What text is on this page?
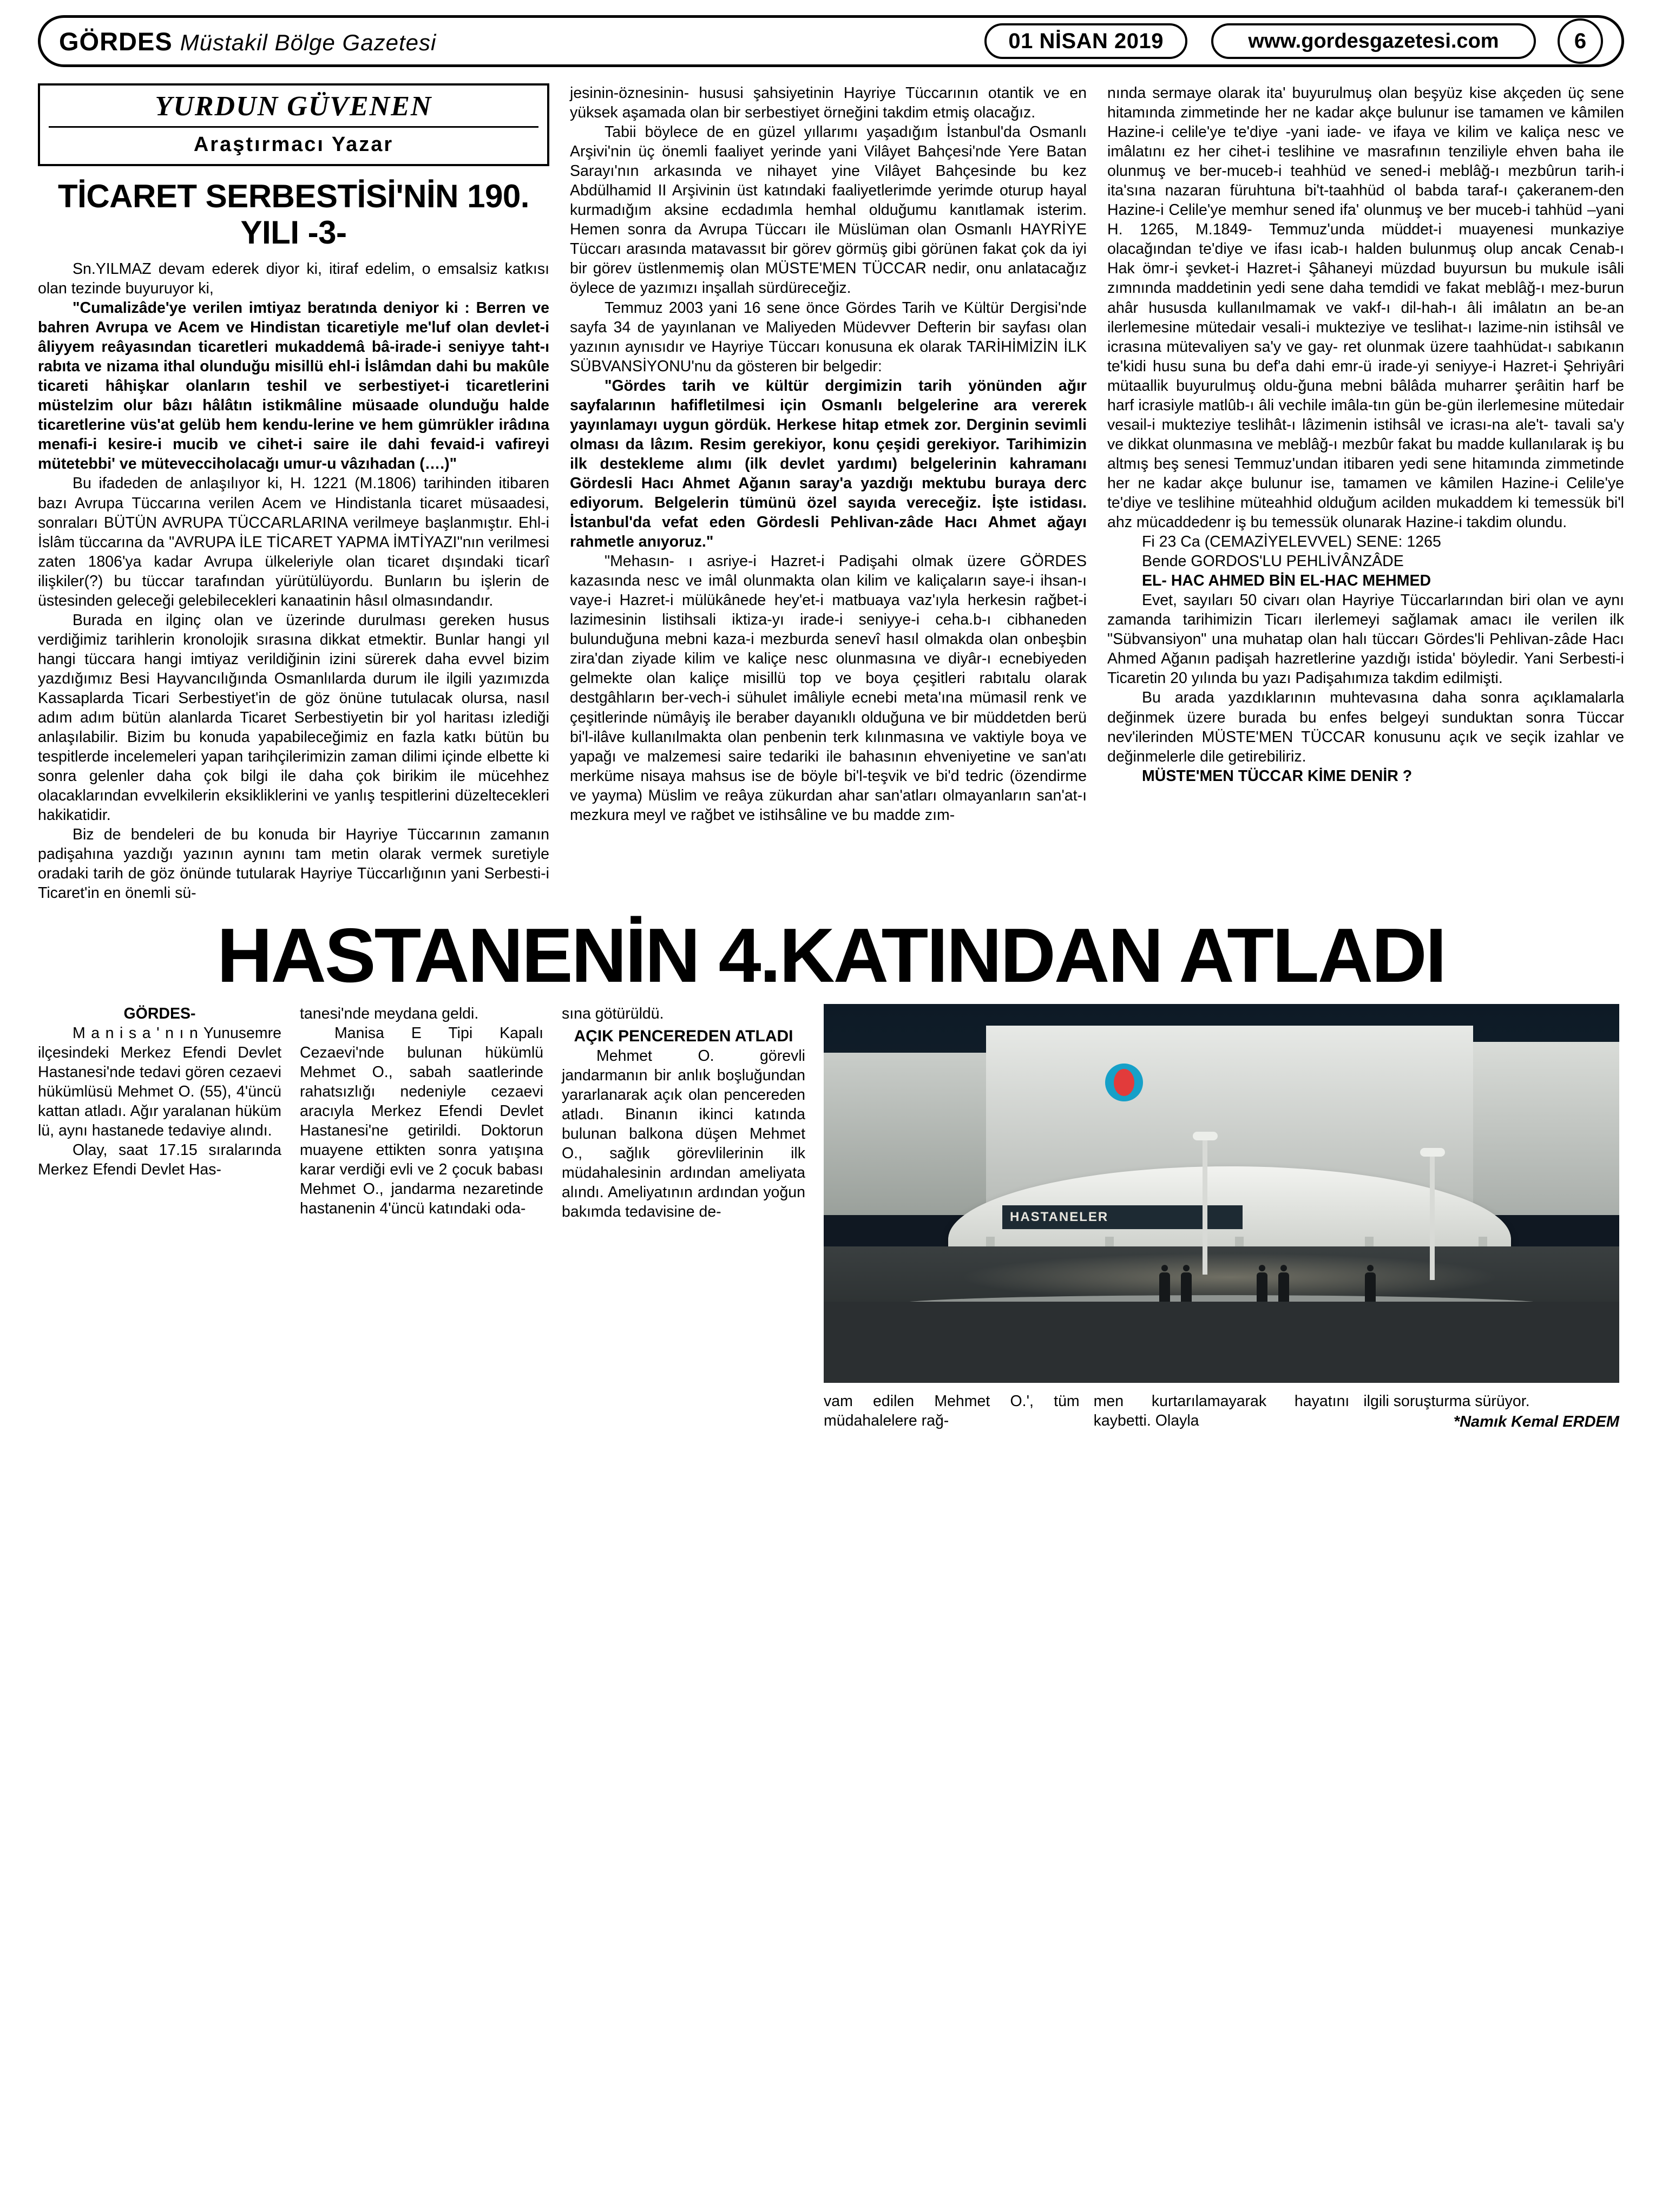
GÖRDES Müstakil Bölge Gazetesi	01 NİSAN 2019	www.gordesgazetesi.com	6
YURDUN GÜVENEN
Araştırmacı Yazar
TİCARET SERBESTİSİ'NİN 190. YILI -3-

Sn.YILMAZ devam ederek diyor ki, itiraf edelim, o emsalsiz katkısı olan tezinde buyuruyor ki,

"Cumalizâde'ye verilen imtiyaz beratında deniyor ki : Berren ve bahren Avrupa ve Acem ve Hindistan ticaretiyle me'luf olan devlet-i âliyyem reâyasından ticaretleri mukaddemâ bâ-irade-i seniyye taht-ı rabıta ve nizama ithal olunduğu misillü ehl-i İslâmdan dahi bu makûle ticareti hâhişkar olanların teshil ve serbestiyet-i ticaretlerini müstelzim olur bâzı hâlâtın istikmâline müsaade olunduğu halde ticaretlerine vüs'at gelüb hem kendu-lerine ve hem gümrükler irâdına menafi-i kesire-i mucib ve cihet-i saire ile dahi fevaid-i vafireyi mütetebbi' ve mütevecciholacağı umur-u vâzıhadan (….)"

Bu ifadeden de anlaşılıyor ki, H. 1221 (M.1806) tarihinden itibaren bazı Avrupa Tüccarına verilen Acem ve Hindistanla ticaret müsaadesi, sonraları BÜTÜN AVRUPA TÜCCARLARINA verilmeye başlanmıştır. Ehl-i İslâm tüccarına da "AVRUPA İLE TİCARET YAPMA İMTİYAZI"nın verilmesi zaten 1806'ya kadar Avrupa ülkeleriyle olan ticaret dışındaki ticarî ilişkiler(?) bu tüccar tarafından yürütülüyordu. Bunların bu işlerin de üstesinden geleceği gelebilecekleri kanaatinin hâsıl olmasındandır.

Burada en ilginç olan ve üzerinde durulması gereken husus verdiğimiz tarihlerin kronolojik sırasına dikkat etmektir. Bunlar hangi yıl hangi tüccara hangi imtiyaz verildiğinin izini sürerek daha evvel bizim yazdığımız Besi Hayvancılığında Osmanlılarda durum ile ilgili yazımızda Kassaplarda Ticari Serbestiyet'in de göz önüne tutulacak olursa, nasıl adım adım bütün alanlarda Ticaret Serbestiyetin bir yol haritası izlediği anlaşılabilir. Bizim bu konuda yapabileceğimiz en fazla katkı bütün bu tespitlerde incelemeleri yapan tarihçilerimizin zaman dilimi içinde elbette ki sonra gelenler daha çok bilgi ile daha çok birikim ile mücehhez olacaklarından evvelkilerin eksikliklerini ve yanlış tespitlerini düzeltecekleri hakikatidir.

Biz de bendeleri de bu konuda bir Hayriye Tüccarının zamanın padişahına yazdığı yazının aynını tam metin olarak vermek suretiyle oradaki tarih de göz önünde tutularak Hayriye Tüccarlığının yani Serbesti-i Ticaret'in en önemli sü-

jesinin-öznesinin- hususi şahsiyetinin Hayriye Tüccarının otantik ve en yüksek aşamada olan bir serbestiyet örneğini takdim etmiş olacağız.

Tabii böylece de en güzel yıllarımı yaşadığım İstanbul'da Osmanlı Arşivi'nin üç önemli faaliyet yerinde yani Vilâyet Bahçesi'nde Yere Batan Sarayı'nın arkasında ve nihayet yine Vilâyet Bahçesinde bu kez Abdülhamid II Arşivinin üst katındaki faaliyetlerimde yerimde oturup hayal kurmadığım aksine ecdadımla hemhal olduğumu kanıtlamak isterim. Hemen sonra da Avrupa Tüccarı ile Müslüman olan Osmanlı HAYRİYE Tüccarı arasında matavassıt bir görev görmüş gibi görünen fakat çok da iyi bir görev üstlenmemiş olan MÜSTE'MEN TÜCCAR nedir, onu anlatacağız öylece de yazımızı inşallah sürdüreceğiz.

Temmuz 2003 yani 16 sene önce Gördes Tarih ve Kültür Dergisi'nde sayfa 34 de yayınlanan ve Maliyeden Müdevver Defterin bir sayfası olan yazının aynısıdır ve Hayriye Tüccarı konusuna ek olarak TARİHİMİZİN İLK SÜBVANSİYONU'nu da gösteren bir belgedir:

"Gördes tarih ve kültür dergimizin tarih yönünden ağır sayfalarının hafifletilmesi için Osmanlı belgelerine ara vererek yayınlamayı uygun gördük. Herkese hitap etmek zor. Derginin sevimli olması da lâzım. Resim gerekiyor, konu çeşidi gerekiyor. Tarihimizin ilk destekleme alımı (ilk devlet yardımı) belgelerinin kahramanı Gördesli Hacı Ahmet Ağanın saray'a yazdığı mektubu buraya derc ediyorum. Belgelerin tümünü özel sayıda vereceğiz. İşte istidası. İstanbul'da vefat eden Gördesli Pehlivan-zâde Hacı Ahmet ağayı rahmetle anıyoruz."

"Mehasın- ı asriye-i Hazret-i Padişahi olmak üzere GÖRDES kazasında nesc ve imâl olunmakta olan kilim ve kaliçaların saye-i ihsan-ı vaye-i Hazret-i mülükânede hey'et-i matbuaya vaz'ıyla herkesin rağbet-i lazimesinin listihsali iktiza-yı irade-i seniyye-i ceha.b-ı cibhaneden bulunduğuna mebni kaza-i mezburda senevî hasıl olmakda olan onbeşbin zira'dan ziyade kilim ve kaliçe nesc olunmasına ve diyâr-ı ecnebiyeden gelmekte olan kaliçe misillü top ve boya çeşitleri rabıtalu olarak destgâhların ber-vech-i sühulet imâliyle ecnebi meta'ına mümasil renk ve çeşitlerinde nümâyiş ile beraber dayanıklı olduğuna ve bir müddetden berü bi'l-ilâve kullanılmakta olan penbenin terk kılınmasına ve vaktiyle boya ve yapağı ve malzemesi saire tedariki ile bahasının ehveniyetine ve san'atı merküme nisaya mahsus ise de böyle bi'l-teşvik ve bi'd tedric (özendirme ve yayma) Müslim ve reâya zükurdan ahar san'atları olmayanların san'at-ı mezkura meyl ve rağbet ve istihsâline ve bu madde zım-

nında sermaye olarak ita' buyurulmuş olan beşyüz kise akçeden üç sene hitamında zimmetinde her ne kadar akçe bulunur ise tamamen ve kâmilen Hazine-i celile'ye te'diye -yani iade- ve ifaya ve kilim ve kaliça nesc ve imâlatını ez her cihet-i teslihine ve masrafının tenziliyle ehven baha ile olunmuş ve ber-muceb-i teahhüd ve sened-i meblâğ-ı mezbûrun tarih-i ita'sına nazaran füruhtuna bi't-taahhüd ol babda taraf-ı çakeranem-den Hazine-i Celile'ye memhur sened ifa' olunmuş ve ber muceb-i tahhüd –yani H. 1265, M.1849- Temmuz'unda müddet-i muayenesi munkaziye olacağından te'diye ve ifası icab-ı halden bulunmuş olup ancak Cenab-ı Hak ömr-i şevket-i Hazret-i Şâhaneyi müzdad buyursun bu mukule isâli zımnında maddetinin yedi sene daha temdidi ve fakat meblâğ-ı mez-burun ahâr hususda kullanılmamak ve vakf-ı dil-hah-ı âli imâlatın an be-an ilerlemesine mütedair vesali-i mukteziye ve teslihat-ı lazime-nin istihsâl ve icrasına mütevaliyen sa'y ve gay- ret olunmak üzere taahhüdat-ı sabıkanın te'kidi husu suna bu def'a dahi emr-ü irade-yi seniyye-i Hazret-i Şehriyâri mütaallik buyurulmuş oldu-ğuna mebni bâlâda muharrer şerâitin harf be harf icrasiyle matlûb-ı âli vechile imâla-tın gün be-gün ilerlemesine mütedair vesail-i mukteziye teslihât-ı lâzimenin istihsâl ve icrası-na ale't- tavali sa'y ve dikkat olunmasına ve meblâğ-ı mezbûr fakat bu madde kullanılarak iş bu altmış beş senesi Temmuz'undan itibaren yedi sene hitamında zimmetinde her ne kadar akçe bulunur ise, tamamen ve kâmilen Hazine-i Celile'ye te'diye ve teslihine müteahhid olduğum acilden mukaddem ki temessük bi'l ahz mücaddedenr iş bu temessük olunarak Hazine-i takdim olundu.

Fi 23 Ca (CEMAZİYELEVVEL) SENE: 1265

Bende GORDOS'LU PEHLİVÂNZÂDE

EL- HAC AHMED BİN EL-HAC MEHMED

Evet, sayıları 50 civarı olan Hayriye Tüccarlarından biri olan ve aynı zamanda tarihimizin Ticarı ilerlemeyi sağlamak amacı ile verilen ilk "Sübvansiyon" una muhatap olan halı tüccarı Gördes'li Pehlivan-zâde Hacı Ahmed Ağanın padişah hazretlerine yazdığı istida' böyledir. Yani Serbesti-i Ticaretin 20 yılında bu yazı Padişahımıza takdim edilmişti.

Bu arada yazdıklarının muhtevasına daha sonra açıklamalarla değinmek üzere burada bu enfes belgeyi sunduktan sonra Tüccar nev'ilerinden MÜSTE'MEN TÜCCAR konusunu açık ve seçik izahlar ve değinmelerle dile getirebiliriz.

MÜSTE'MEN TÜCCAR KİME DENİR ?

HASTANENİN 4.KATINDAN ATLADI

GÖRDES-

M a n i s a ' n ı n Yunusemre ilçesindeki Merkez Efendi Devlet Hastanesi'nde tedavi gören cezaevi hükümlüsü Mehmet O. (55), 4'üncü kattan atladı. Ağır yaralanan hüküm lü, aynı hastanede tedaviye alındı.

Olay, saat 17.15 sıralarında Merkez Efendi Devlet Has-

tanesi'nde meydana geldi.

Manisa E Tipi Kapalı Cezaevi'nde bulunan hükümlü Mehmet O., sabah saatlerinde rahatsızlığı nedeniyle cezaevi aracıyla Merkez Efendi Devlet Hastanesi'ne getirildi. Doktorun muayene ettikten sonra yatışına karar verdiği evli ve 2 çocuk babası Mehmet O., jandarma nezaretinde hastanenin 4'üncü katındaki oda-

sına götürüldü.

AÇIK PENCEREDEN ATLADI

Mehmet O. görevli jandarmanın bir anlık boşluğundan yararlanarak açık olan pencereden atladı. Binanın ikinci katında bulunan balkona düşen Mehmet O., sağlık görevlilerinin ilk müdahalesinin ardından ameliyata alındı. Ameliyatının ardından yoğun bakımda tedavisine de-	HASTANELER

vam edilen Mehmet O.', tüm müdahalelere rağ-

men kurtarılamayarak hayatını kaybetti. Olayla

ilgili soruşturma sürüyor.

*Namık Kemal ERDEM
